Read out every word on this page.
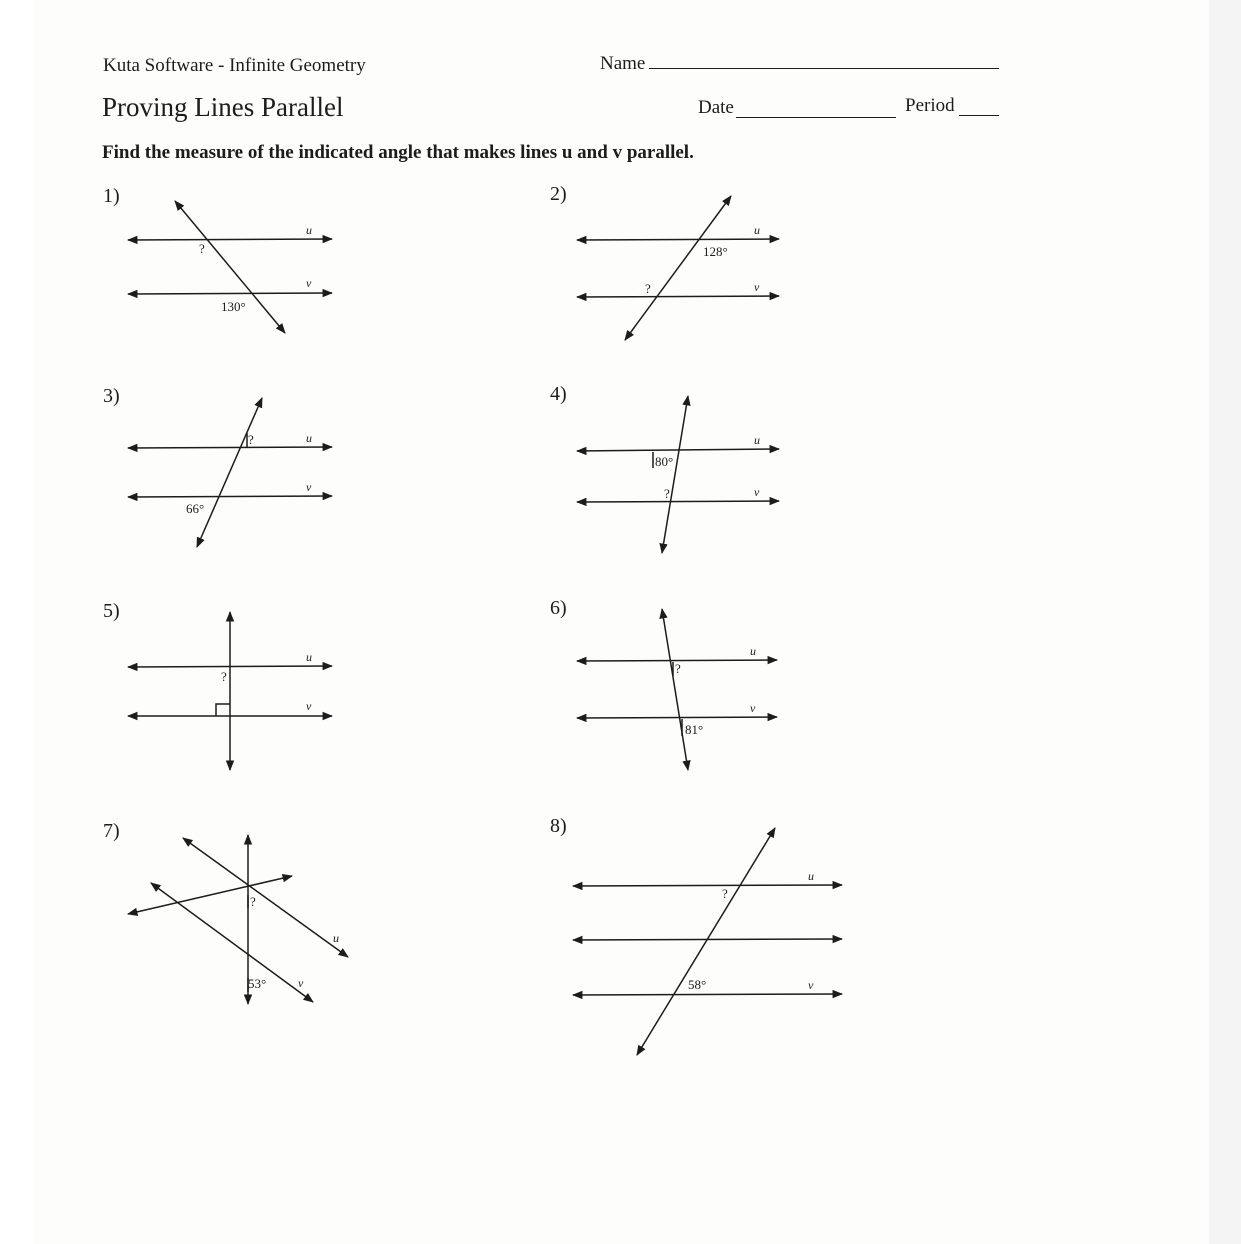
Kuta Software - Infinite Geometry	Name
Proving Lines Parallel	Date	Period
Find the measure of the indicated angle that makes lines u and v parallel.
1)	2)
3)	4)
5)	6)
7)	8)
?
130°
u
v
128°
?
u
v
?
66°
u
v
80°
?
u
v
?
u
v
?
81°
u
v
?
53°
u
v
?
58°
u
v
